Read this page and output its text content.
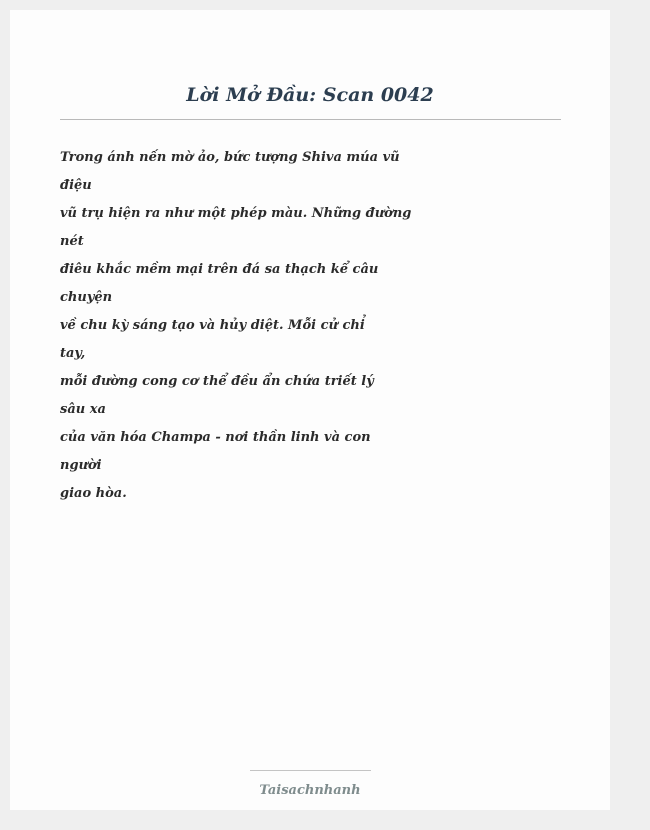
Lời Mở Đầu: Scan 0042
Trong ánh nến mờ ảo, bức tượng Shiva múa vũ
điệu
vũ trụ hiện ra như một phép màu. Những đường
nét
điêu khắc mềm mại trên đá sa thạch kể câu
chuyện
về chu kỳ sáng tạo và hủy diệt. Mỗi cử chỉ
tay,
mỗi đường cong cơ thể đều ẩn chứa triết lý
sâu xa
của văn hóa Champa - nơi thần linh và con
người
giao hòa.
Taisachnhanh
